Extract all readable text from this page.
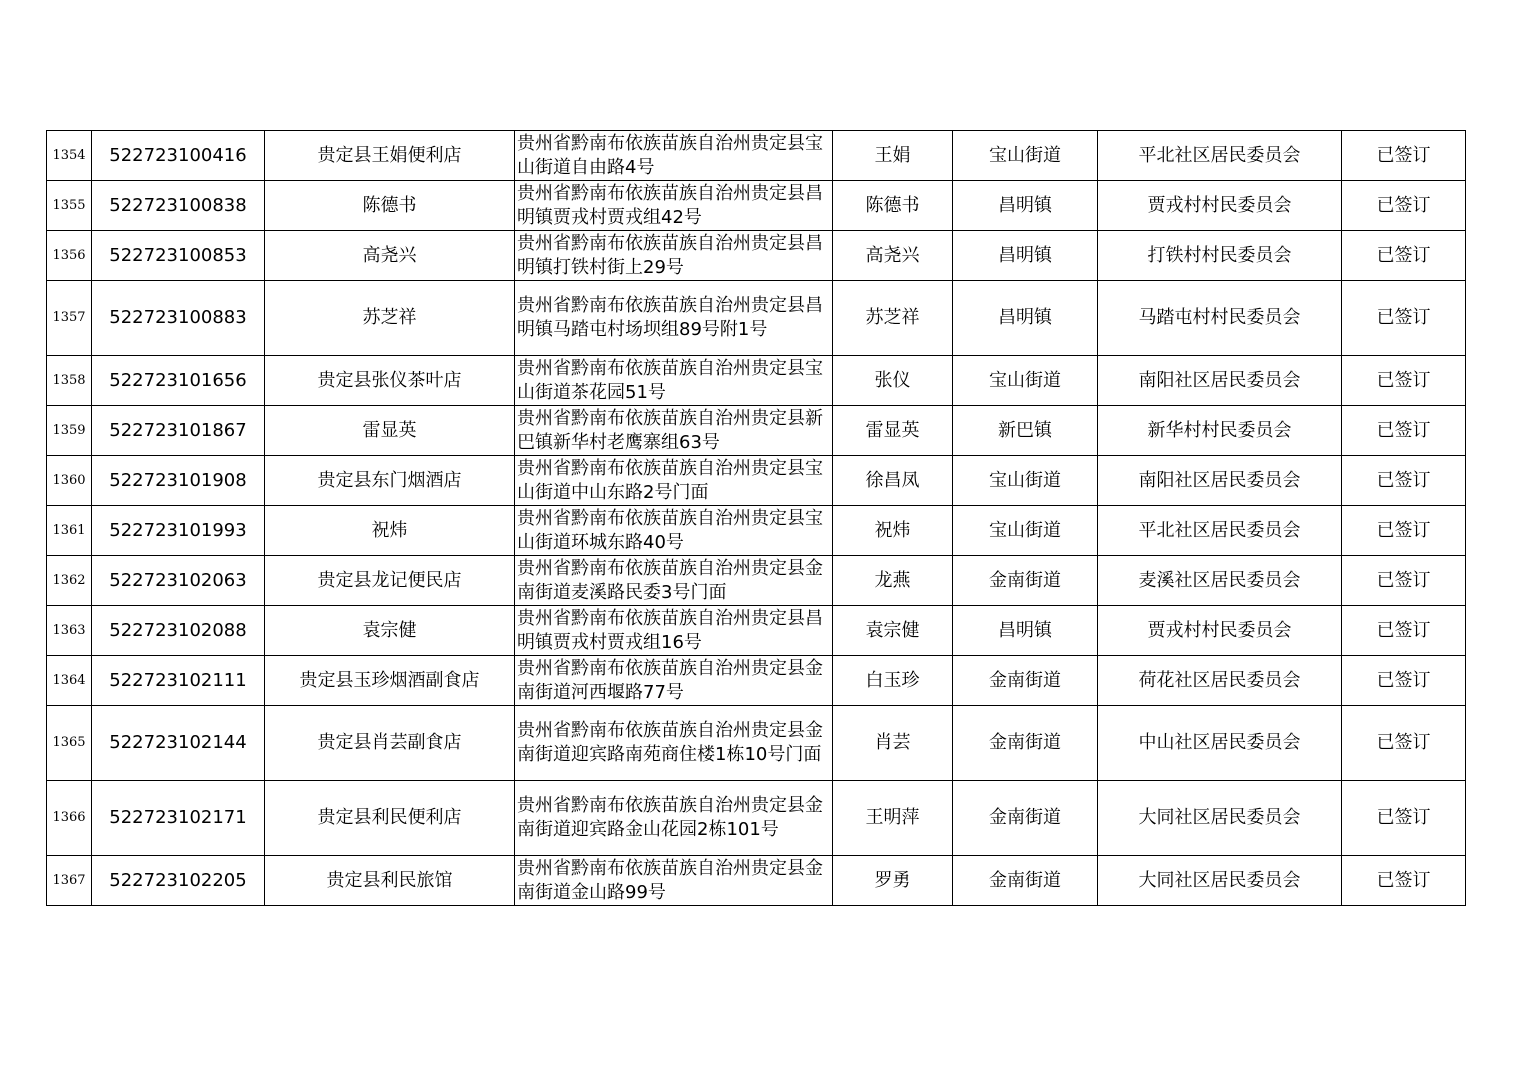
1354	522723100416	贵定县王娟便利店	贵州省黔南布依族苗族自治州贵定县宝山街道自由路4号	王娟	宝山街道	平北社区居民委员会	已签订
1355	522723100838	陈德书	贵州省黔南布依族苗族自治州贵定县昌明镇贾戎村贾戎组42号	陈德书	昌明镇	贾戎村村民委员会	已签订
1356	522723100853	高尧兴	贵州省黔南布依族苗族自治州贵定县昌明镇打铁村街上29号	高尧兴	昌明镇	打铁村村民委员会	已签订
1357	522723100883	苏芝祥	贵州省黔南布依族苗族自治州贵定县昌明镇马踏屯村场坝组89号附1号	苏芝祥	昌明镇	马踏屯村村民委员会	已签订
1358	522723101656	贵定县张仪茶叶店	贵州省黔南布依族苗族自治州贵定县宝山街道茶花园51号	张仪	宝山街道	南阳社区居民委员会	已签订
1359	522723101867	雷显英	贵州省黔南布依族苗族自治州贵定县新巴镇新华村老鹰寨组63号	雷显英	新巴镇	新华村村民委员会	已签订
1360	522723101908	贵定县东门烟酒店	贵州省黔南布依族苗族自治州贵定县宝山街道中山东路2号门面	徐昌凤	宝山街道	南阳社区居民委员会	已签订
1361	522723101993	祝炜	贵州省黔南布依族苗族自治州贵定县宝山街道环城东路40号	祝炜	宝山街道	平北社区居民委员会	已签订
1362	522723102063	贵定县龙记便民店	贵州省黔南布依族苗族自治州贵定县金南街道麦溪路民委3号门面	龙燕	金南街道	麦溪社区居民委员会	已签订
1363	522723102088	袁宗健	贵州省黔南布依族苗族自治州贵定县昌明镇贾戎村贾戎组16号	袁宗健	昌明镇	贾戎村村民委员会	已签订
1364	522723102111	贵定县玉珍烟酒副食店	贵州省黔南布依族苗族自治州贵定县金南街道河西堰路77号	白玉珍	金南街道	荷花社区居民委员会	已签订
1365	522723102144	贵定县肖芸副食店	贵州省黔南布依族苗族自治州贵定县金南街道迎宾路南苑商住楼1栋10号门面	肖芸	金南街道	中山社区居民委员会	已签订
1366	522723102171	贵定县利民便利店	贵州省黔南布依族苗族自治州贵定县金南街道迎宾路金山花园2栋101号	王明萍	金南街道	大同社区居民委员会	已签订
1367	522723102205	贵定县利民旅馆	贵州省黔南布依族苗族自治州贵定县金南街道金山路99号	罗勇	金南街道	大同社区居民委员会	已签订
